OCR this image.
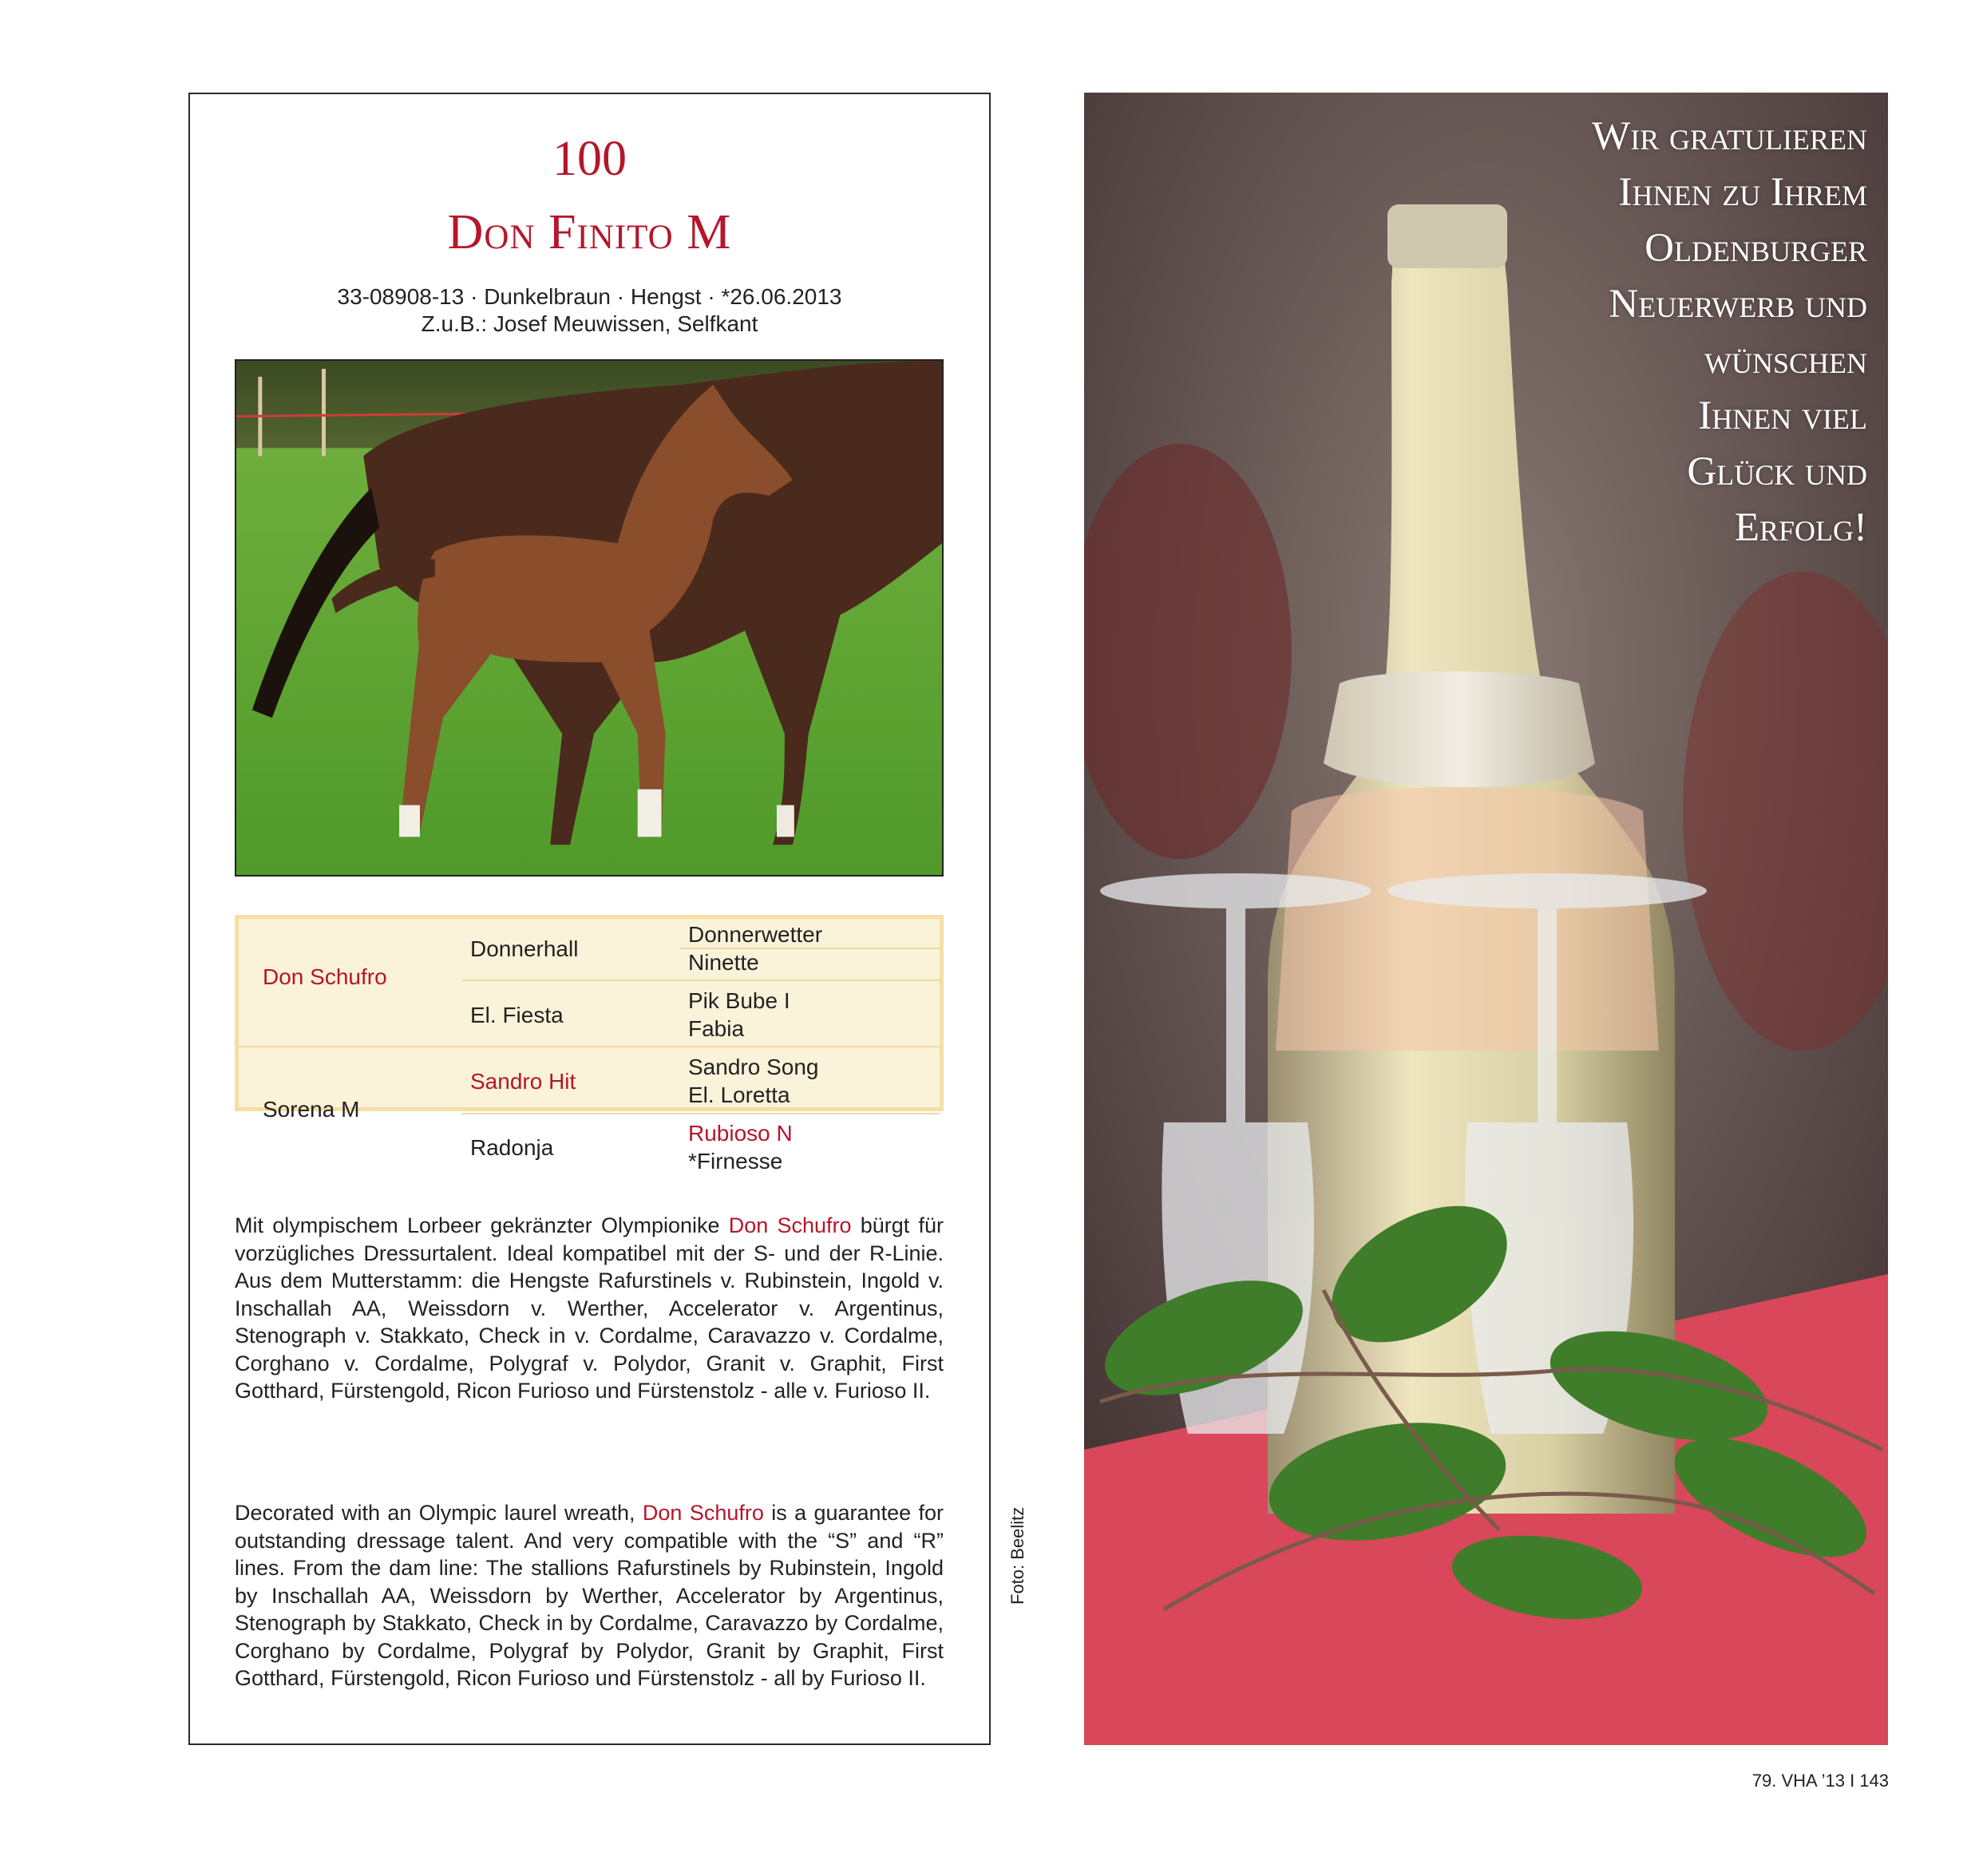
100
Don Finito M
33-08908-13 · Dunkelbraun · Hengst · *26.06.2013
Z.u.B.: Josef Meuwissen, Selfkant
Don Schufro
Sorena M
Donnerhall
El. Fiesta
Sandro Hit
Radonja
Donnerwetter
Ninette
Pik Bube I
Fabia
Sandro Song
El. Loretta
Rubioso N
*Firnesse
Mit olympischem Lorbeer gekränzter Olympionike Don Schufro bürgt für vorzügliches Dressurtalent. Ideal kompatibel mit der S- und der R-Linie. Aus dem Mutterstamm: die Hengste Rafurstinels v. Rubinstein, Ingold v. Inschallah AA, Weissdorn v. Werther, Accelerator v. Argentinus, Stenograph v. Stakkato, Check in v. Cordalme, Caravazzo v. Cordalme, Corghano v. Cordalme, Polygraf v. Polydor, Granit v. Graphit, First Gotthard, Fürstengold, Ricon Furioso und Fürstenstolz - alle v. Furioso II.
Decorated with an Olympic laurel wreath, Don Schufro is a guarantee for outstanding dressage talent. And very compatible with the “S” and “R” lines. From the dam line: The stallions Rafurstinels by Rubinstein, Ingold by Inschallah AA, Weissdorn by Werther, Accelerator by Argentinus, Stenograph by Stakkato, Check in by Cordalme, Caravazzo by Cordalme, Corghano by Cordalme, Polygraf by Polydor, Granit by Graphit, First Gotthard, Fürstengold, Ricon Furioso und Fürstenstolz - all by Furioso II.
Foto: Beelitz
Wir gratulieren
Ihnen zu Ihrem
Oldenburger
Neuerwerb und
wünschen
Ihnen viel
Glück und
Erfolg!
79. VHA ’13 I 143
